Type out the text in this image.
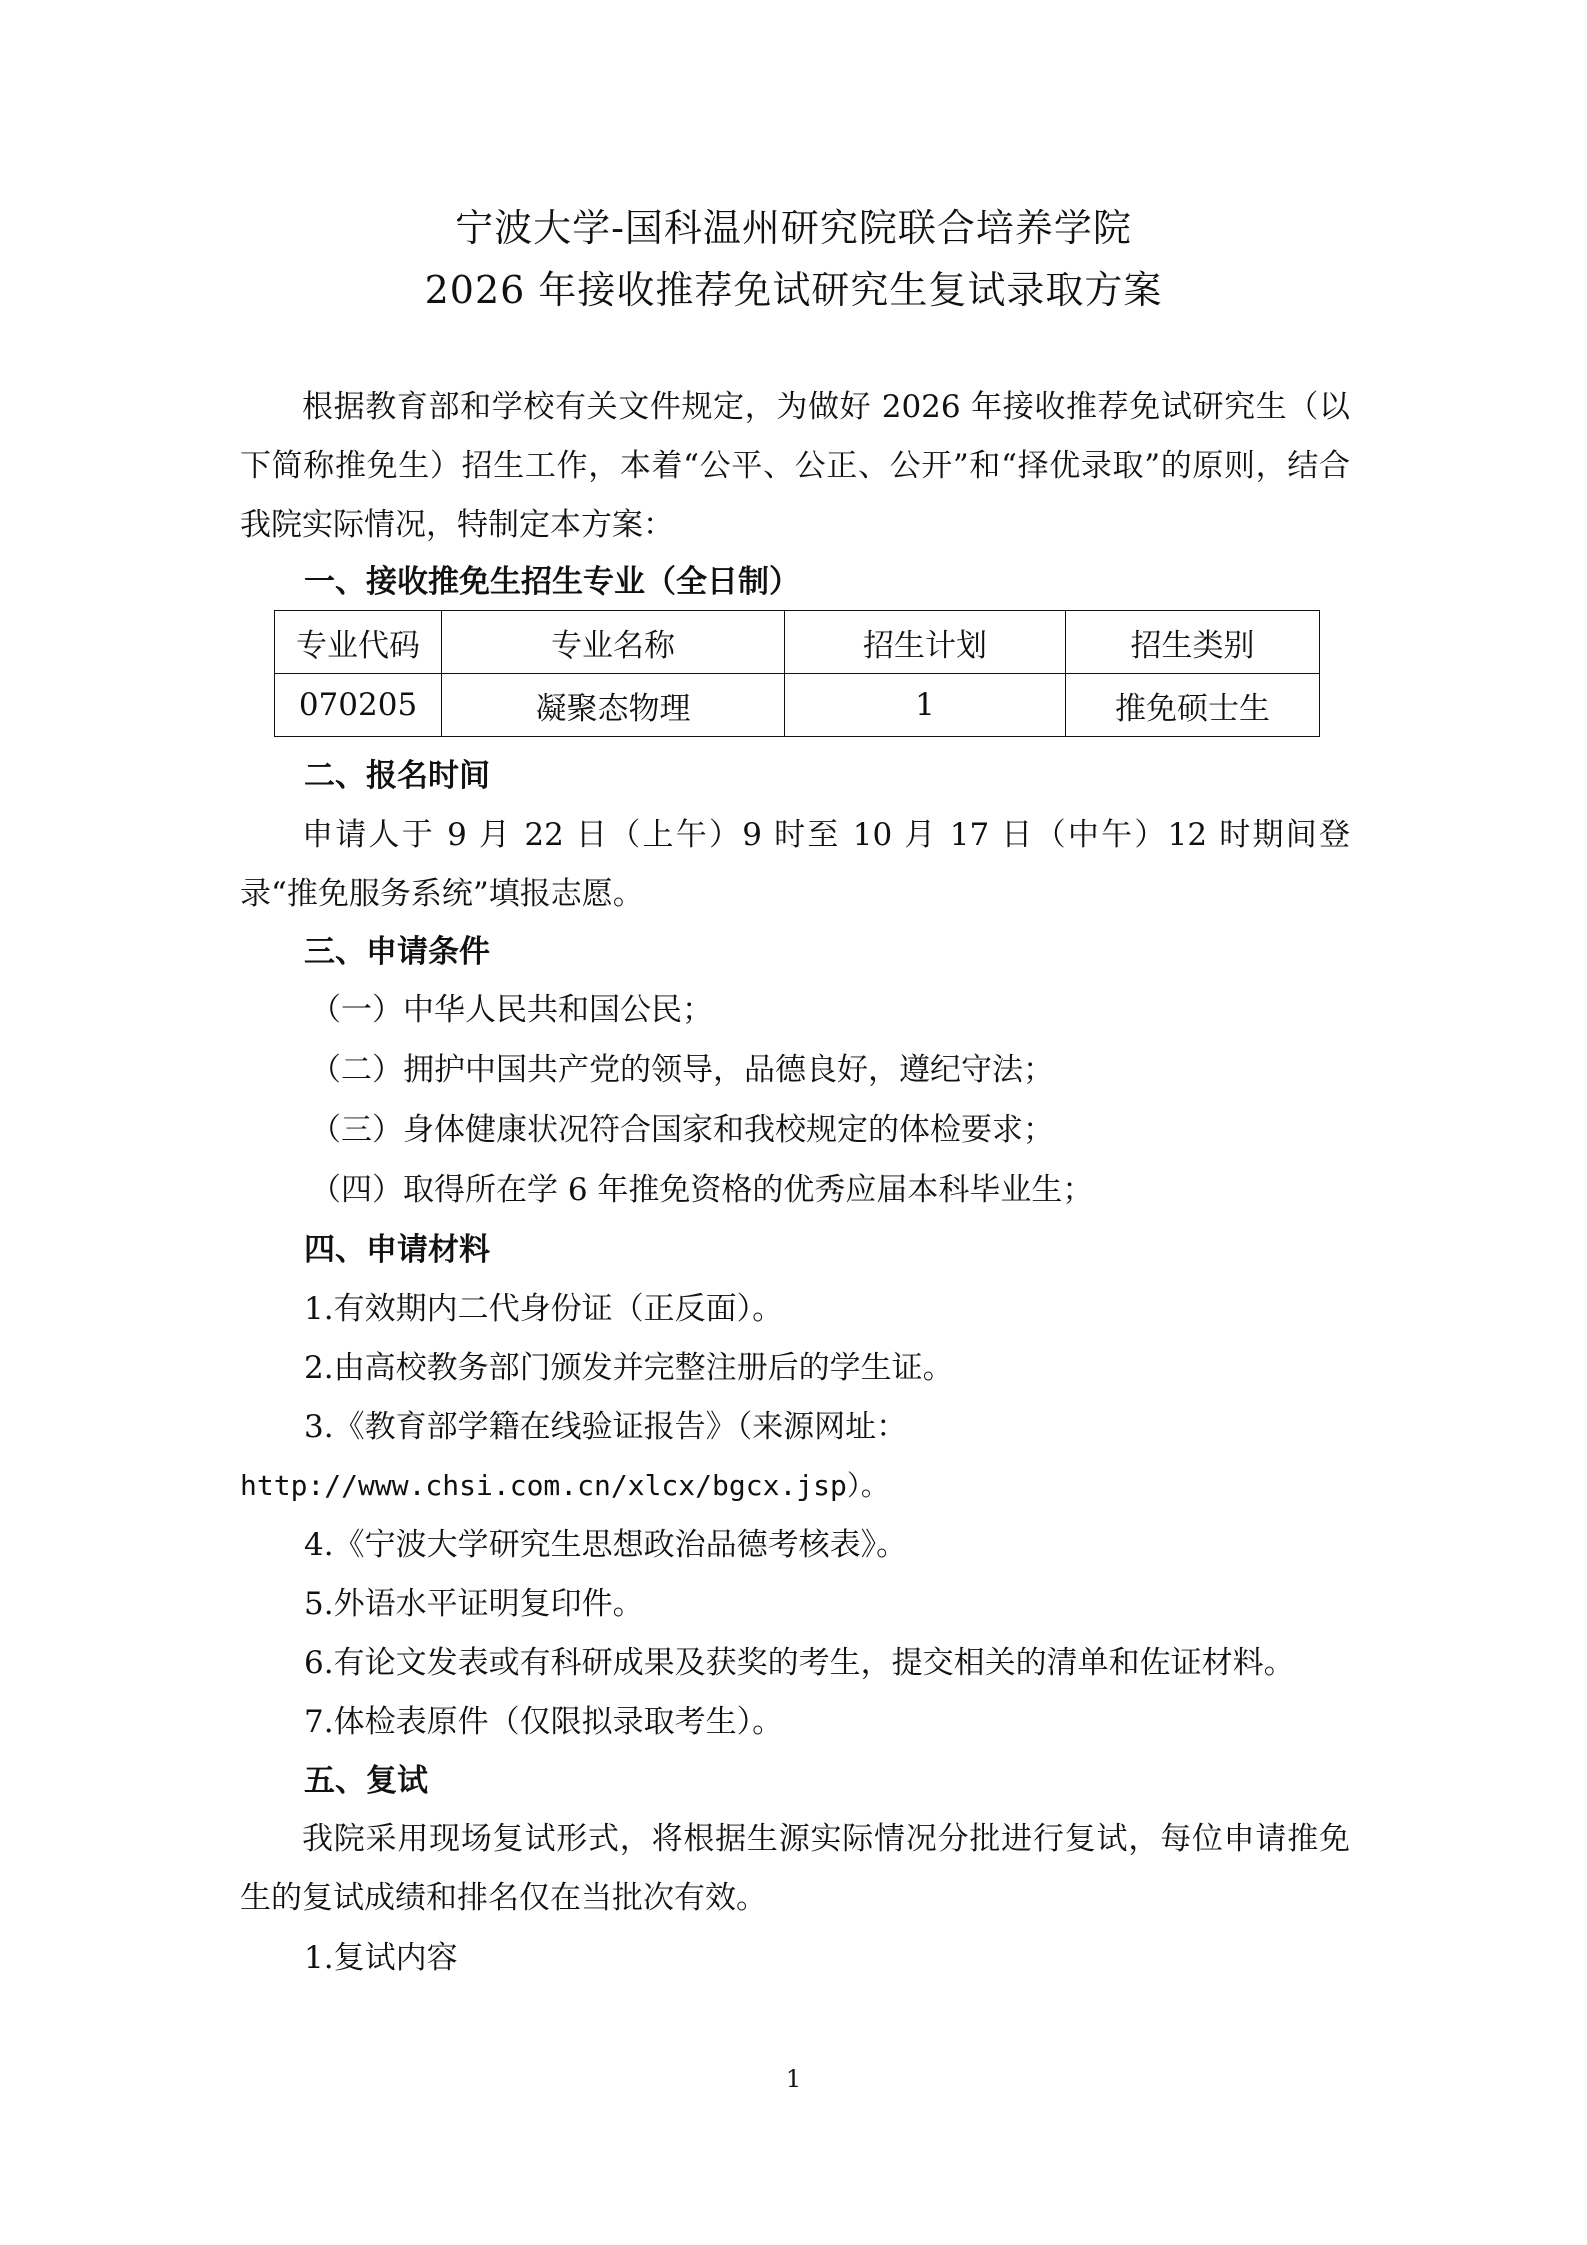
宁波大学-国科温州研究院联合培养学院
2026 年接收推荐免试研究生复试录取方案

根据教育部和学校有关文件规定，为做好 2026 年接收推荐免试研究生（以下简称推免生）招生工作，本着“公平、公正、公开”和“择优录取”的原则，结合我院实际情况，特制定本方案：

一、接收推免生招生专业（全日制）
专业代码	专业名称	招生计划	招生类别
070205	凝聚态物理	1	推免硕士生
二、报名时间

申请人于 9 月 22 日（上午）9 时至 10 月 17 日（中午）12 时期间登录“推免服务系统”填报志愿。

三、申请条件
（一）中华人民共和国公民；
（二）拥护中国共产党的领导，品德良好，遵纪守法；
（三）身体健康状况符合国家和我校规定的体检要求；
（四）取得所在学 6 年推免资格的优秀应届本科毕业生；
四、申请材料
1.有效期内二代身份证（正反面）。
2.由高校教务部门颁发并完整注册后的学生证。
3.《教育部学籍在线验证报告》（来源网址：
http://www.chsi.com.cn/xlcx/bgcx.jsp）。
4.《宁波大学研究生思想政治品德考核表》。
5.外语水平证明复印件。
6.有论文发表或有科研成果及获奖的考生，提交相关的清单和佐证材料。
7.体检表原件（仅限拟录取考生）。
五、复试

我院采用现场复试形式，将根据生源实际情况分批进行复试，每位申请推免生的复试成绩和排名仅在当批次有效。

1.复试内容
1
